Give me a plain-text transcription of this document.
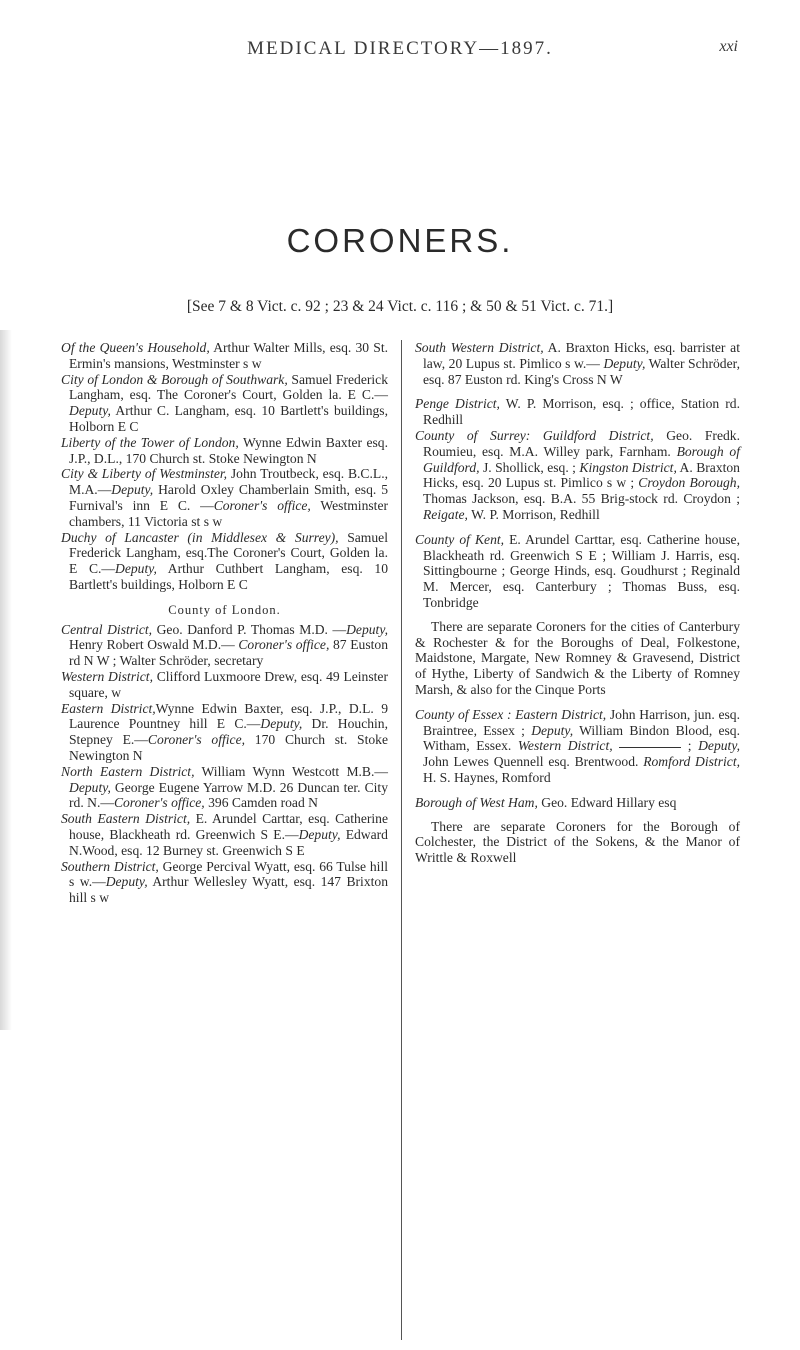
MEDICAL DIRECTORY—1897.	xxi
CORONERS.
[See 7 & 8 Vict. c. 92 ; 23 & 24 Vict. c. 116 ; & 50 & 51 Vict. c. 71.]

Of the Queen's Household, Arthur Walter Mills, esq. 30 St. Ermin's mansions, Westminster s w

City of London & Borough of Southwark, Samuel Frederick Langham, esq. The Coroner's Court, Golden la. E C.—Deputy, Arthur C. Langham, esq. 10 Bartlett's buildings, Holborn E C

Liberty of the Tower of London, Wynne Edwin Baxter esq. J.P., D.L., 170 Church st. Stoke Newington N

City & Liberty of Westminster, John Troutbeck, esq. B.C.L., M.A.—Deputy, Harold Oxley Chamberlain Smith, esq. 5 Furnival's inn E C. —Coroner's office, Westminster chambers, 11 Victoria st s w

Duchy of Lancaster (in Middlesex & Surrey), Samuel Frederick Langham, esq.The Coroner's Court, Golden la. E C.—Deputy, Arthur Cuthbert Langham, esq. 10 Bartlett's buildings, Holborn E C

County of London.

Central District, Geo. Danford P. Thomas M.D. —Deputy, Henry Robert Oswald M.D.— Coroner's office, 87 Euston rd N W ; Walter Schröder, secretary

Western District, Clifford Luxmoore Drew, esq. 49 Leinster square, w

Eastern District,Wynne Edwin Baxter, esq. J.P., D.L. 9 Laurence Pountney hill E C.—Deputy, Dr. Houchin, Stepney E.—Coroner's office, 170 Church st. Stoke Newington N

North Eastern District, William Wynn Westcott M.B.—Deputy, George Eugene Yarrow M.D. 26 Duncan ter. City rd. N.—Coroner's office, 396 Camden road N

South Eastern District, E. Arundel Carttar, esq. Catherine house, Blackheath rd. Greenwich S E.—Deputy, Edward N.Wood, esq. 12 Burney st. Greenwich S E

Southern District, George Percival Wyatt, esq. 66 Tulse hill s w.—Deputy, Arthur Wellesley Wyatt, esq. 147 Brixton hill s w

South Western District, A. Braxton Hicks, esq. barrister at law, 20 Lupus st. Pimlico s w.— Deputy, Walter Schröder, esq. 87 Euston rd. King's Cross N W

Penge District, W. P. Morrison, esq. ; office, Station rd. Redhill

County of Surrey: Guildford District, Geo. Fredk. Roumieu, esq. M.A. Willey park, Farnham. Borough of Guildford, J. Shollick, esq. ; Kingston District, A. Braxton Hicks, esq. 20 Lupus st. Pimlico s w ; Croydon Borough, Thomas Jackson, esq. B.A. 55 Brig-stock rd. Croydon ; Reigate, W. P. Morrison, Redhill

County of Kent, E. Arundel Carttar, esq. Catherine house, Blackheath rd. Greenwich S E ; William J. Harris, esq. Sittingbourne ; George Hinds, esq. Goudhurst ; Reginald M. Mercer, esq. Canterbury ; Thomas Buss, esq. Tonbridge

There are separate Coroners for the cities of Canterbury & Rochester & for the Boroughs of Deal, Folkestone, Maidstone, Margate, New Romney & Gravesend, District of Hythe, Liberty of Sandwich & the Liberty of Romney Marsh, & also for the Cinque Ports

County of Essex : Eastern District, John Harrison, jun. esq. Braintree, Essex ; Deputy, William Bindon Blood, esq. Witham, Essex. Western District,	; Deputy, John Lewes Quennell esq. Brentwood. Romford District, H. S. Haynes, Romford

Borough of West Ham, Geo. Edward Hillary esq

There are separate Coroners for the Borough of Colchester, the District of the Sokens, & the Manor of Writtle & Roxwell
